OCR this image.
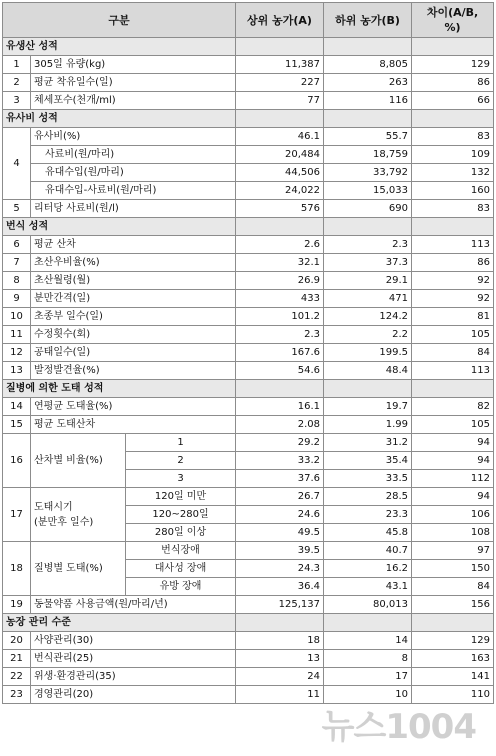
구분			상위 농가(A)	하위 농가(B)	차이(A/B,
%)
유생산 성적					
1	305일 유량(kg)		11,387	8,805	129
2	평균 착유일수(일)		227	263	86
3	체세포수(천개/ml)		77	116	66
유사비 성적					
4	유사비(%)		46.1	55.7	83
	사료비(원/마리)		20,484	18,759	109
	유대수입(원/마리)		44,506	33,792	132
	유대수입-사료비(원/마리)		24,022	15,033	160
5	리터당 사료비(원/l)		576	690	83
번식 성적					
6	평균 산차		2.6	2.3	113
7	초산우비율(%)		32.1	37.3	86
8	초산월령(월)		26.9	29.1	92
9	분만간격(일)		433	471	92
10	초종부 일수(일)		101.2	124.2	81
11	수정횟수(회)		2.3	2.2	105
12	공태일수(일)		167.6	199.5	84
13	발정발견율(%)		54.6	48.4	113
질병에 의한 도태 성적					
14	연평균 도태율(%)		16.1	19.7	82
15	평균 도태산차		2.08	1.99	105
16	산차별 비율(%)	1	29.2	31.2	94
		2	33.2	35.4	94
		3	37.6	33.5	112
17	도태시기
(분만후 일수)	120일 미만	26.7	28.5	94
		120~280일	24.6	23.3	106
		280일 이상	49.5	45.8	108
18	질병별 도태(%)	번식장애	39.5	40.7	97
		대사성 장애	24.3	16.2	150
		유방 장애	36.4	43.1	84
19	동물약품 사용금액(원/마리/년)		125,137	80,013	156
농장 관리 수준					
20	사양관리(30)		18	14	129
21	번식관리(25)		13	8	163
22	위생·환경관리(35)		24	17	141
23	경영관리(20)		11	10	110
뉴스1004
